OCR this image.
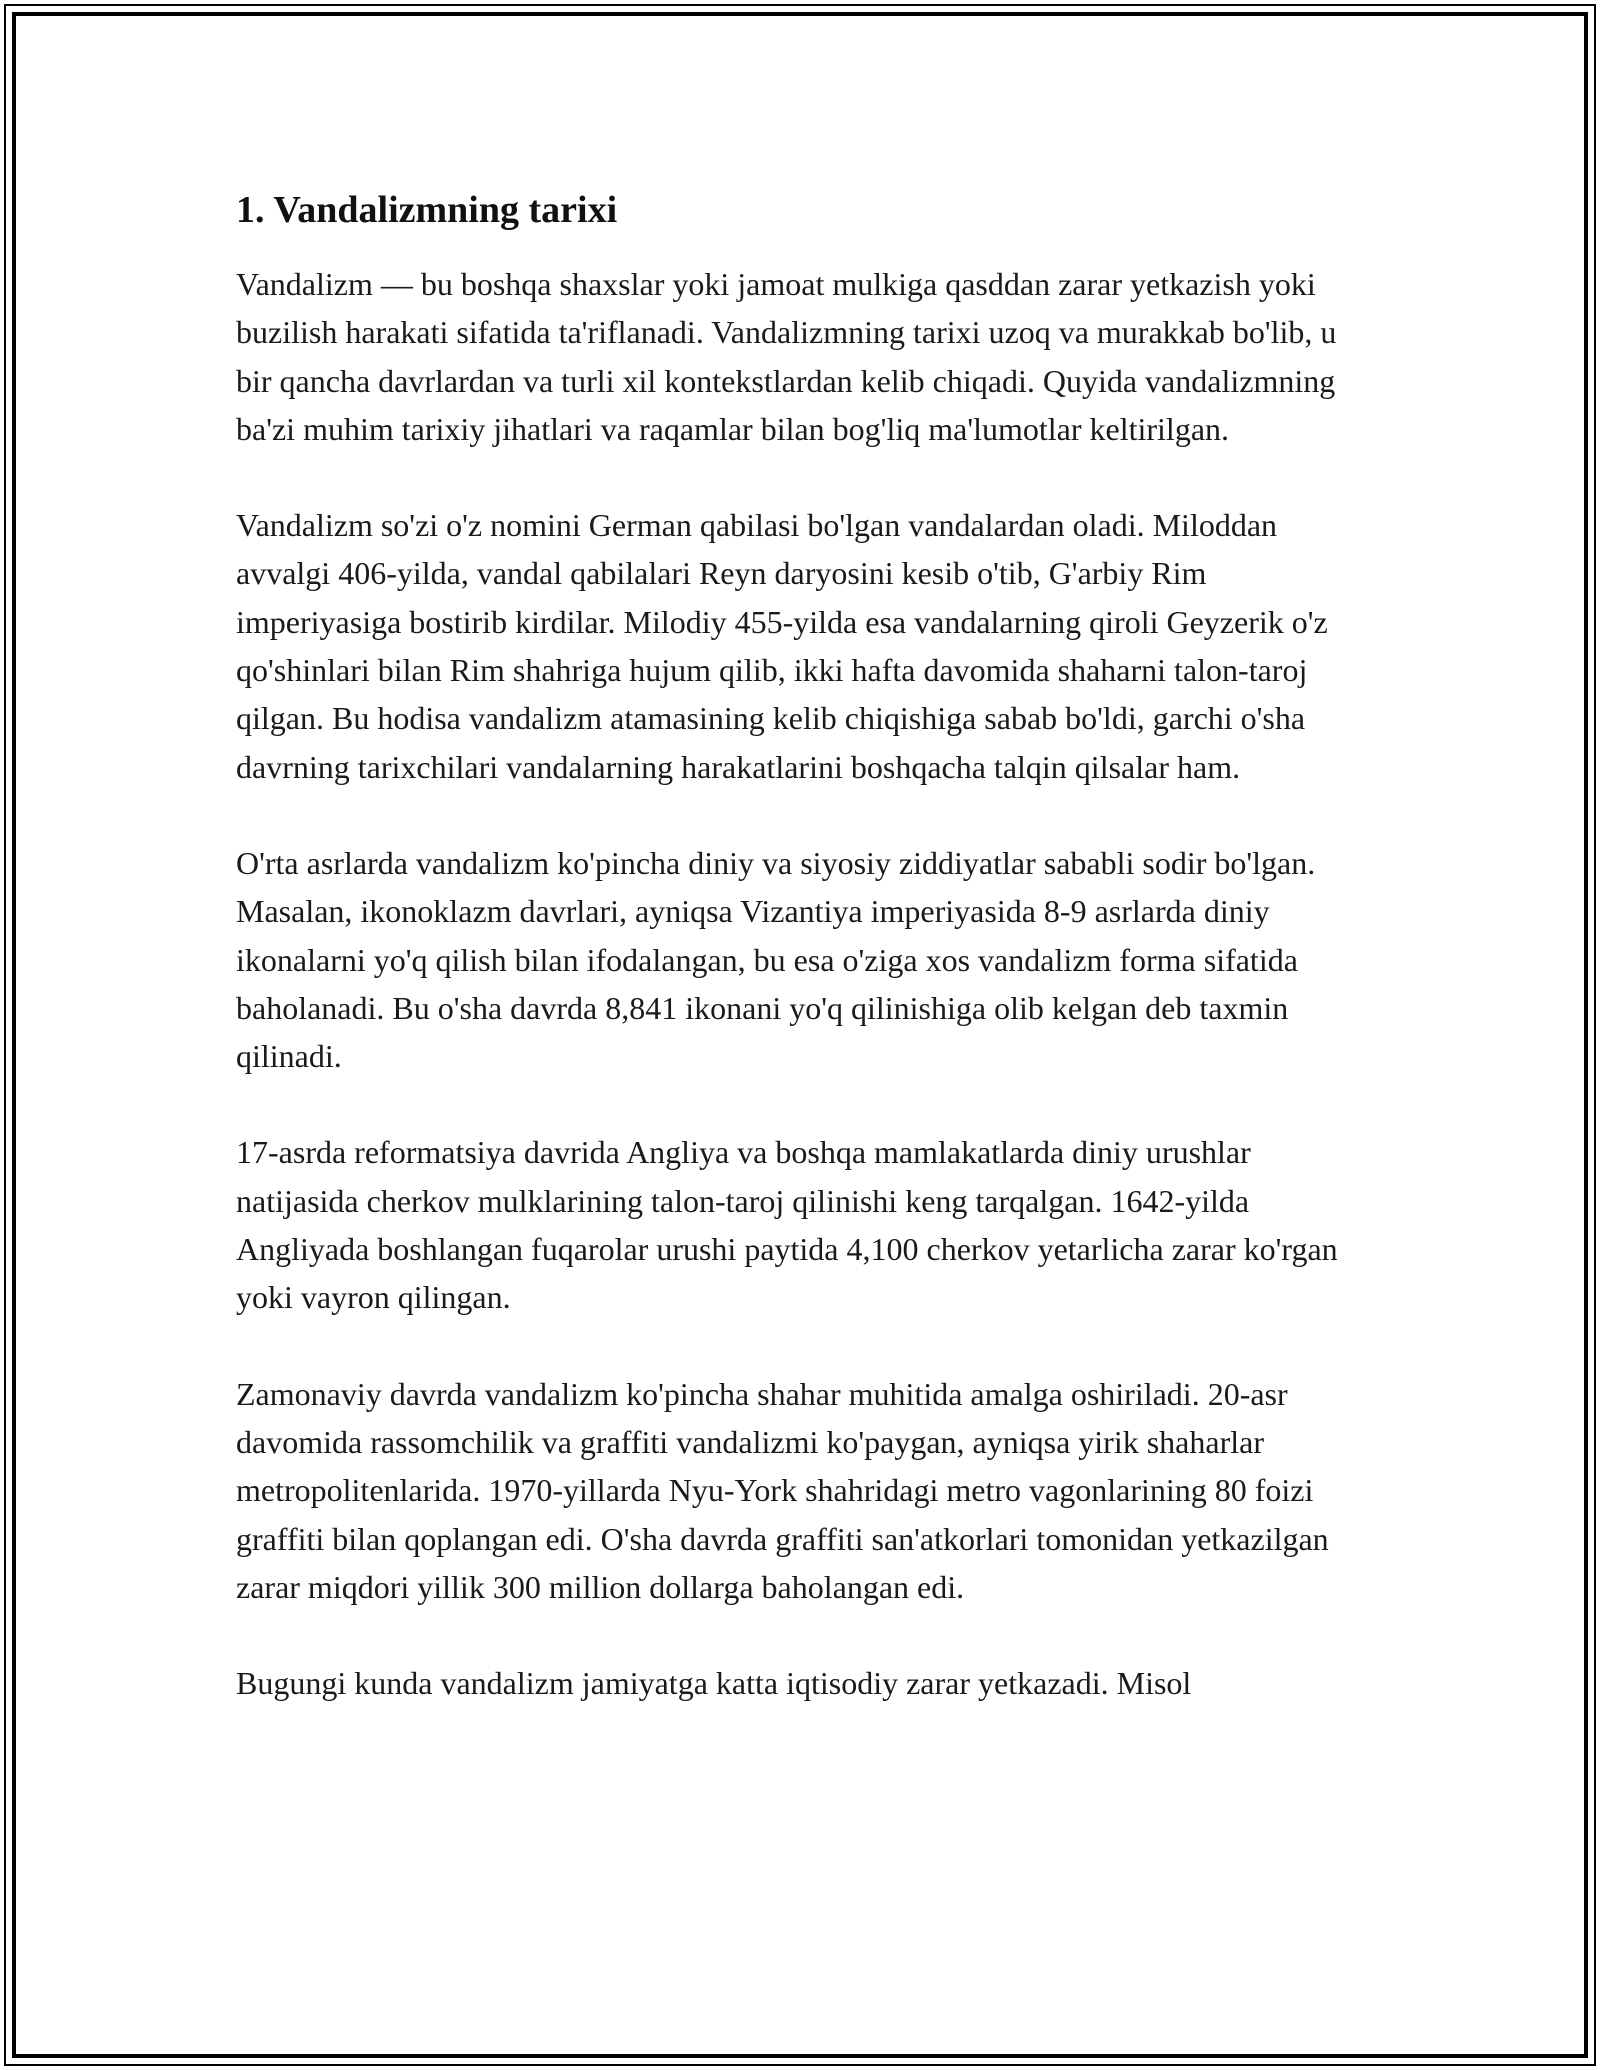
1. Vandalizmning tarixi

Vandalizm — bu boshqa shaxslar yoki jamoat mulkiga qasddan zarar yetkazish yoki buzilish harakati sifatida ta'riflanadi. Vandalizmning tarixi uzoq va murakkab bo'lib, u bir qancha davrlardan va turli xil kontekstlardan kelib chiqadi. Quyida vandalizmning ba'zi muhim tarixiy jihatlari va raqamlar bilan bog'liq ma'lumotlar keltirilgan.

Vandalizm so'zi o'z nomini German qabilasi bo'lgan vandalardan oladi. Miloddan avvalgi 406-yilda, vandal qabilalari Reyn daryosini kesib o'tib, G'arbiy Rim imperiyasiga bostirib kirdilar. Milodiy 455-yilda esa vandalarning qiroli Geyzerik o'z qo'shinlari bilan Rim shahriga hujum qilib, ikki hafta davomida shaharni talon-taroj qilgan. Bu hodisa vandalizm atamasining kelib chiqishiga sabab bo'ldi, garchi o'sha davrning tarixchilari vandalarning harakatlarini boshqacha talqin qilsalar ham.

O'rta asrlarda vandalizm ko'pincha diniy va siyosiy ziddiyatlar sababli sodir bo'lgan. Masalan, ikonoklazm davrlari, ayniqsa Vizantiya imperiyasida 8-9 asrlarda diniy ikonalarni yo'q qilish bilan ifodalangan, bu esa o'ziga xos vandalizm forma sifatida baholanadi. Bu o'sha davrda 8,841 ikonani yo'q qilinishiga olib kelgan deb taxmin qilinadi.

17-asrda reformatsiya davrida Angliya va boshqa mamlakatlarda diniy urushlar natijasida cherkov mulklarining talon-taroj qilinishi keng tarqalgan. 1642-yilda Angliyada boshlangan fuqarolar urushi paytida 4,100 cherkov yetarlicha zarar ko'rgan yoki vayron qilingan.

Zamonaviy davrda vandalizm ko'pincha shahar muhitida amalga oshiriladi. 20-asr davomida rassomchilik va graffiti vandalizmi ko'paygan, ayniqsa yirik shaharlar metropolitenlarida. 1970-yillarda Nyu-York shahridagi metro vagonlarining 80 foizi graffiti bilan qoplangan edi. O'sha davrda graffiti san'atkorlari tomonidan yetkazilgan zarar miqdori yillik 300 million dollarga baholangan edi.

Bugungi kunda vandalizm jamiyatga katta iqtisodiy zarar yetkazadi. Misol
